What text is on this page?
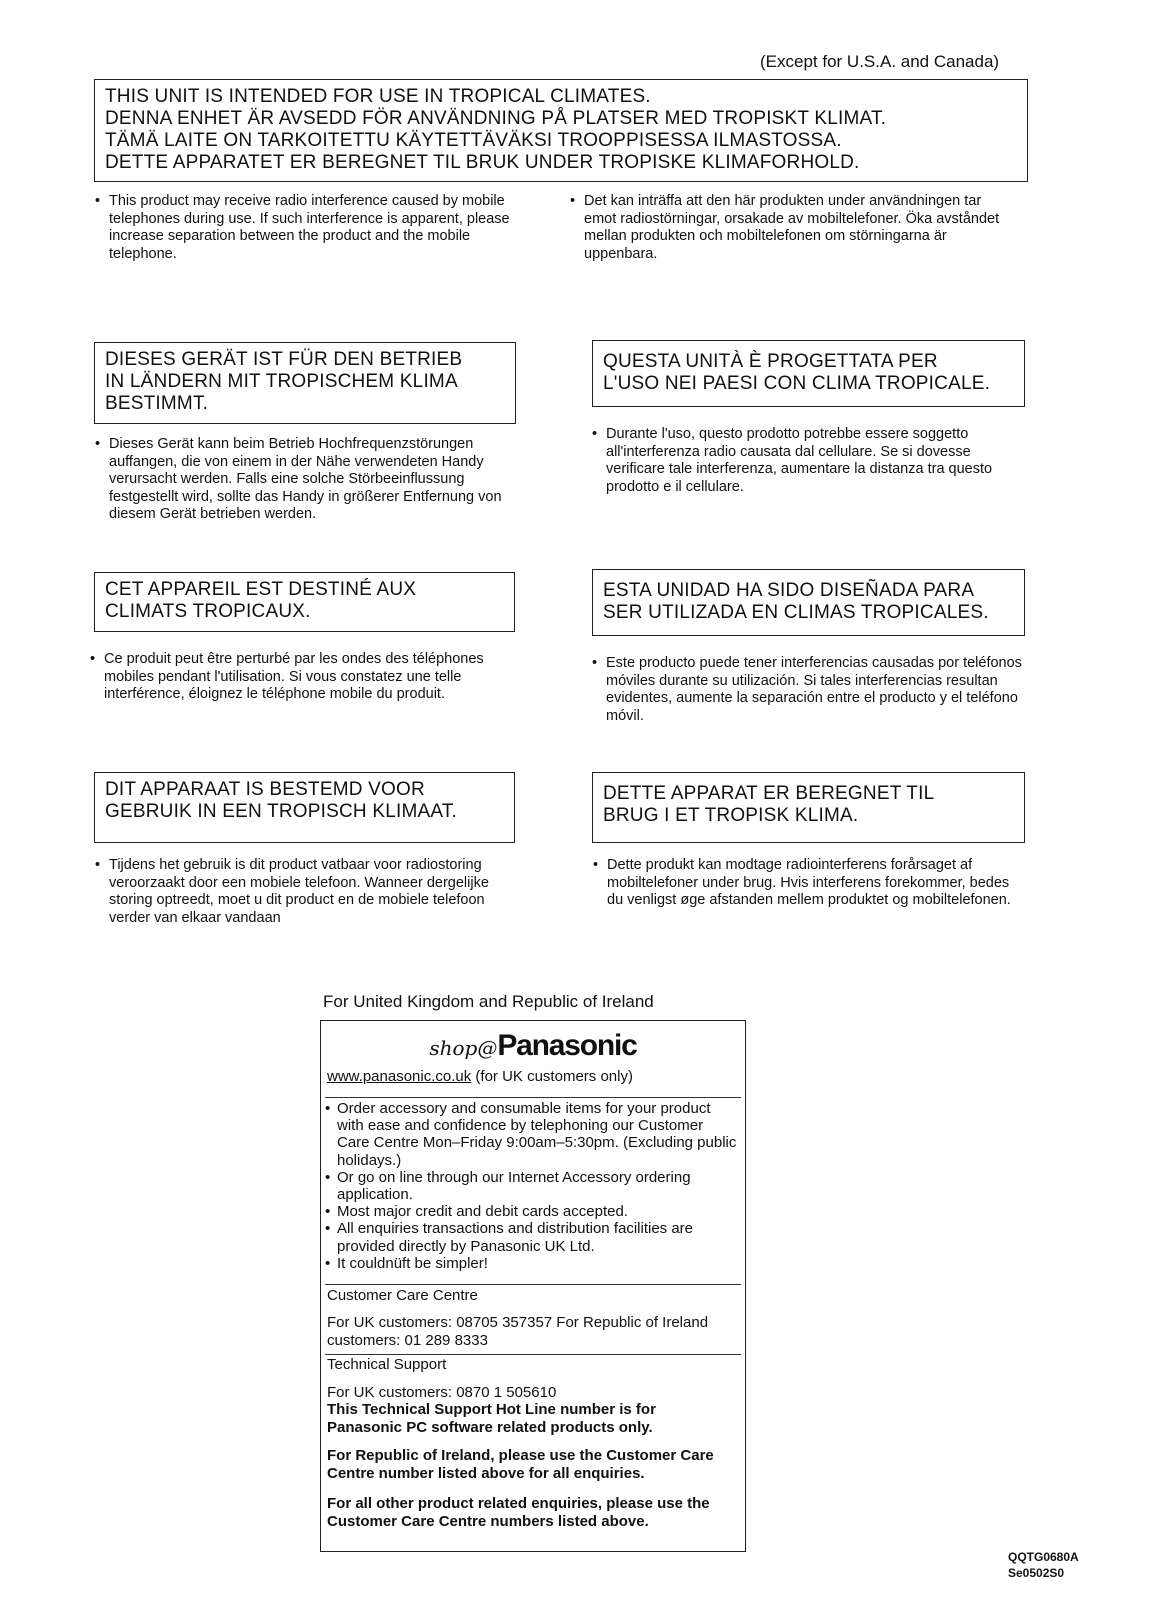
(Except for U.S.A. and Canada)
THIS UNIT IS INTENDED FOR USE IN TROPICAL CLIMATES.
DENNA ENHET ÄR AVSEDD FÖR ANVÄNDNING PÅ PLATSER MED TROPISKT KLIMAT.
TÄMÄ LAITE ON TARKOITETTU KÄYTETTÄVÄKSI TROOPPISESSA ILMASTOSSA.
DETTE APPARATET ER BEREGNET TIL BRUK UNDER TROPISKE KLIMAFORHOLD.
• This product may receive radio interference caused by mobile telephones during use. If such interference is apparent, please increase separation between the product and the mobile telephone.
• Det kan inträffa att den här produkten under användningen tar emot radiostörningar, orsakade av mobiltelefoner. Öka avståndet mellan produkten och mobiltelefonen om störningarna är uppenbara.
DIESES GERÄT IST FÜR DEN BETRIEB
IN LÄNDERN MIT TROPISCHEM KLIMA
BESTIMMT.
• Dieses Gerät kann beim Betrieb Hochfrequenzstörungen auffangen, die von einem in der Nähe verwendeten Handy verursacht werden. Falls eine solche Störbeeinflussung festgestellt wird, sollte das Handy in größerer Entfernung von diesem Gerät betrieben werden.
QUESTA UNITÀ È PROGETTATA PER
L'USO NEI PAESI CON CLIMA TROPICALE.
• Durante l'uso, questo prodotto potrebbe essere soggetto all'interferenza radio causata dal cellulare. Se si dovesse verificare tale interferenza, aumentare la distanza tra questo prodotto e il cellulare.
CET APPAREIL EST DESTINÉ AUX
CLIMATS TROPICAUX.
• Ce produit peut être perturbé par les ondes des téléphones mobiles pendant l'utilisation. Si vous constatez une telle interférence, éloignez le téléphone mobile du produit.
ESTA UNIDAD HA SIDO DISEÑADA PARA
SER UTILIZADA EN CLIMAS TROPICALES.
• Este producto puede tener interferencias causadas por teléfonos móviles durante su utilización. Si tales interferencias resultan evidentes, aumente la separación entre el producto y el teléfono móvil.
DIT APPARAAT IS BESTEMD VOOR
GEBRUIK IN EEN TROPISCH KLIMAAT.
• Tijdens het gebruik is dit product vatbaar voor radiostoring veroorzaakt door een mobiele telefoon. Wanneer dergelijke storing optreedt, moet u dit product en de mobiele telefoon verder van elkaar vandaan
DETTE APPARAT ER BEREGNET TIL
BRUG I ET TROPISK KLIMA.
• Dette produkt kan modtage radiointerferens forårsaget af mobiltelefoner under brug. Hvis interferens forekommer, bedes du venligst øge afstanden mellem produktet og mobiltelefonen.
For United Kingdom and Republic of Ireland
shop@Panasonic
www.panasonic.co.uk (for UK customers only)
• Order accessory and consumable items for your product with ease and confidence by telephoning our Customer Care Centre Mon–Friday 9:00am–5:30pm. (Excluding public holidays.)
• Or go on line through our Internet Accessory ordering application.
• Most major credit and debit cards accepted.
• All enquiries transactions and distribution facilities are provided directly by Panasonic UK Ltd.
• It couldnüft be simpler!
Customer Care Centre
For UK customers: 08705 357357 For Republic of Ireland customers: 01 289 8333
Technical Support
For UK customers: 0870 1 505610
This Technical Support Hot Line number is for Panasonic PC software related products only.
For Republic of Ireland, please use the Customer Care Centre number listed above for all enquiries.
For all other product related enquiries, please use the Customer Care Centre numbers listed above.
QQTG0680A
Se0502S0
